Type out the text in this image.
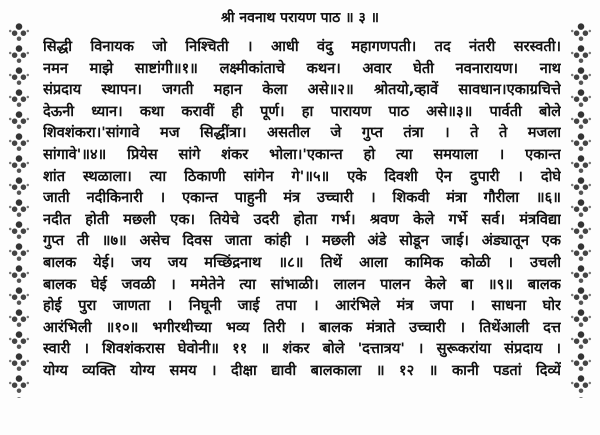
श्री नवनाथ परायण पाठ ॥ ३ ॥
सिद्धी विनायक जो निश्चिती । आधी वंदु महागणपती। तद नंतरी सरस्वती।
नमन माझे साष्टांगी॥१॥ लक्ष्मीकांताचे कथन। अवार घेती नवनारायण। नाथ
संप्रदाय स्थापन। जगती महान केला असे॥२॥ श्रोतयो,व्हावें सावधान।एकाग्रचित्ते
देऊनी ध्यान। कथा करावीं ही पूर्ण। हा पारायण पाठ असे॥३॥ पार्वती बोले
शिवशंकरा।'सांगावे मज सिद्धींत्रा। असतील जे गुप्त तंत्रा । ते ते मजला
सांगावे'॥४॥ प्रियेस सांगे शंकर भोला।'एकान्त हो त्या समयाला । एकान्त
शांत स्थळाला। त्या ठिकाणी सांगेन गे'॥५॥ एके दिवशी ऐन दुपारी । दोघे
जाती नदीकिनारी । एकान्त पाहुनी मंत्र उच्चारी । शिकवी मंत्रा गौरीला ॥६॥
नदीत होती मछली एक। तियेचे उदरी होता गर्भ। श्रवण केले गर्भे सर्व। मंत्रविद्या
गुप्त ती ॥७॥ असेच दिवस जाता कांही । मछली अंडे सोडून जाई। अंड्यातून एक
बालक येई। जय जय मच्छिंद्रनाथ ॥८॥ तिथें आला कामिक कोळी । उचली
बालक घेई जवळी । ममेतेने त्या सांभाळी। लालन पालन केले बा ॥९॥ बालक
होई पुरा जाणता । निघूनी जाई तपा । आरंभिले मंत्र जपा । साधना घोर
आरंभिली ॥१०॥ भगीरथीच्या भव्य तिरी । बालक मंत्राते उच्चारी । तिथेंआली दत्त
स्वारी । शिवशंकरास घेवोनी॥ ११ ॥ शंकर बोले 'दत्तात्रय' । सुरूकरांया संप्रदाय ।
योग्य व्यक्ति योग्य समय । दीक्षा द्यावी बालकाला ॥ १२ ॥ कानी पडतां दिव्यें
